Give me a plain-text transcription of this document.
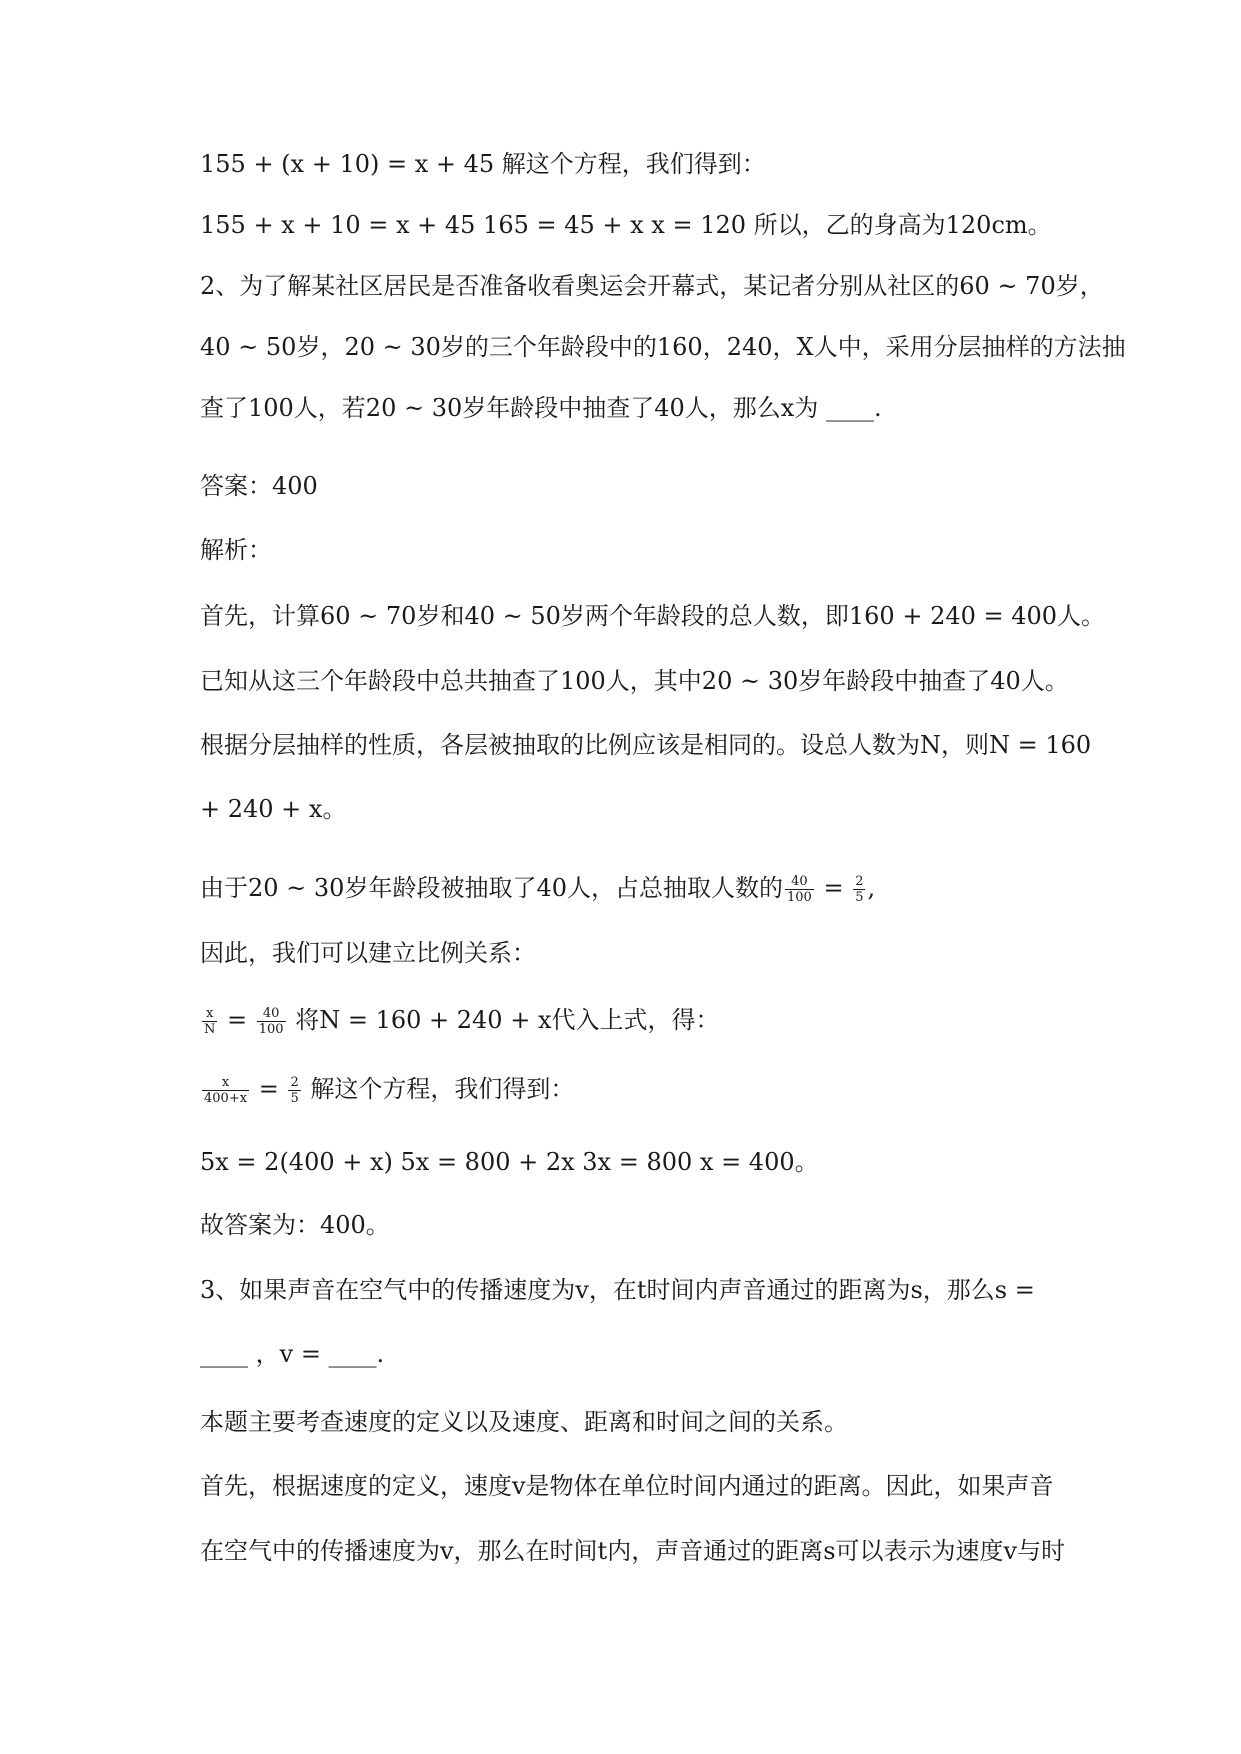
155 + (x + 10) = x + 45 解这个方程，我们得到：
155 + x + 10 = x + 45 165 = 45 + x x = 120 所以，乙的身高为120cm。
2、为了解某社区居民是否准备收看奥运会开幕式，某记者分别从社区的60 ~ 70岁，
40 ~ 50岁，20 ~ 30岁的三个年龄段中的160，240，X人中，采用分层抽样的方法抽
查了100人，若20 ~ 30岁年龄段中抽查了40人，那么x为 ____.
答案：400
解析：
首先，计算60 ~ 70岁和40 ~ 50岁两个年龄段的总人数，即160 + 240 = 400人。
已知从这三个年龄段中总共抽查了100人，其中20 ~ 30岁年龄段中抽查了40人。
根据分层抽样的性质，各层被抽取的比例应该是相同的。设总人数为N，则N = 160
+ 240 + x。
由于20 ~ 30岁年龄段被抽取了40人，占总抽取人数的 $\frac{40}{100} = \frac{2}{5}$ ,
因此，我们可以建立比例关系：
$\frac{x}{N} = \frac{40}{100}$ 将N = 160 + 240 + x代入上式，得：
$\frac{x}{400+x} = \frac{2}{5}$ 解这个方程，我们得到：
5x = 2(400 + x) 5x = 800 + 2x 3x = 800 x = 400。
故答案为：400。
3、如果声音在空气中的传播速度为v，在t时间内声音通过的距离为s，那么s =
____ ，v = ____.
本题主要考查速度的定义以及速度、距离和时间之间的关系。
首先，根据速度的定义，速度v是物体在单位时间内通过的距离。因此，如果声音
在空气中的传播速度为v，那么在时间t内，声音通过的距离s可以表示为速度v与时
